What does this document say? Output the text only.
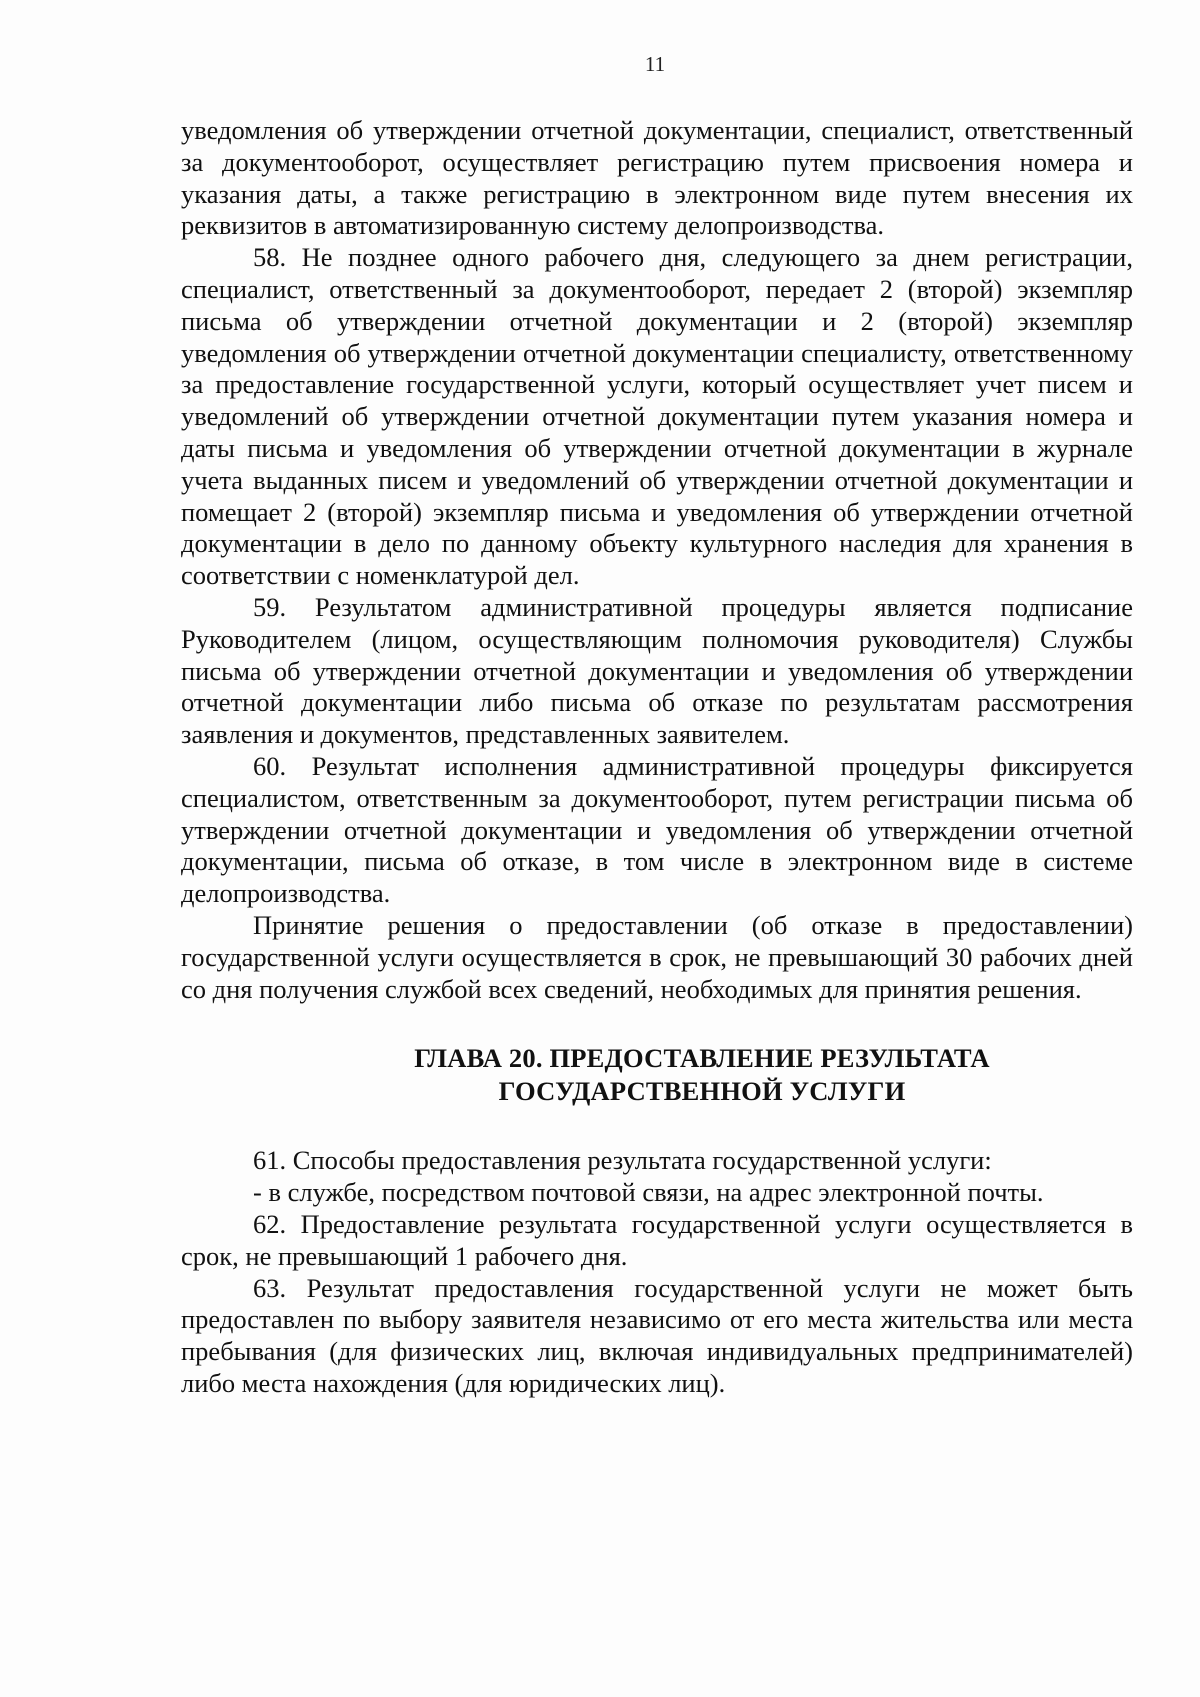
11

уведомления об утверждении отчетной документации, специалист, ответственный за документооборот, осуществляет регистрацию путем присвоения номера и указания даты, а также регистрацию в электронном виде путем внесения их реквизитов в автоматизированную систему делопроизводства.

58. Не позднее одного рабочего дня, следующего за днем регистрации, специалист, ответственный за документооборот, передает 2 (второй) экземпляр письма об утверждении отчетной документации и 2 (второй) экземпляр уведомления об утверждении отчетной документации специалисту, ответственному за предоставление государственной услуги, который осуществляет учет писем и уведомлений об утверждении отчетной документации путем указания номера и даты письма и уведомления об утверждении отчетной документации в журнале учета выданных писем и уведомлений об утверждении отчетной документации и помещает 2 (второй) экземпляр письма и уведомления об утверждении отчетной документации в дело по данному объекту культурного наследия для хранения в соответствии с номенклатурой дел.

59. Результатом административной процедуры является подписание Руководителем (лицом, осуществляющим полномочия руководителя) Службы письма об утверждении отчетной документации и уведомления об утверждении отчетной документации либо письма об отказе по результатам рассмотрения заявления и документов, представленных заявителем.

60. Результат исполнения административной процедуры фиксируется специалистом, ответственным за документооборот, путем регистрации письма об утверждении отчетной документации и уведомления об утверждении отчетной документации, письма об отказе, в том числе в электронном виде в системе делопроизводства.

Принятие решения о предоставлении (об отказе в предоставлении) государственной услуги осуществляется в срок, не превышающий 30 рабочих дней со дня получения службой всех сведений, необходимых для принятия решения.

ГЛАВА 20. ПРЕДОСТАВЛЕНИЕ РЕЗУЛЬТАТА
ГОСУДАРСТВЕННОЙ УСЛУГИ

61. Способы предоставления результата государственной услуги:

- в службе, посредством почтовой связи, на адрес электронной почты.

62. Предоставление результата государственной услуги осуществляется в срок, не превышающий 1 рабочего дня.

63. Результат предоставления государственной услуги не может быть предоставлен по выбору заявителя независимо от его места жительства или места пребывания (для физических лиц, включая индивидуальных предпринимателей) либо места нахождения (для юридических лиц).
